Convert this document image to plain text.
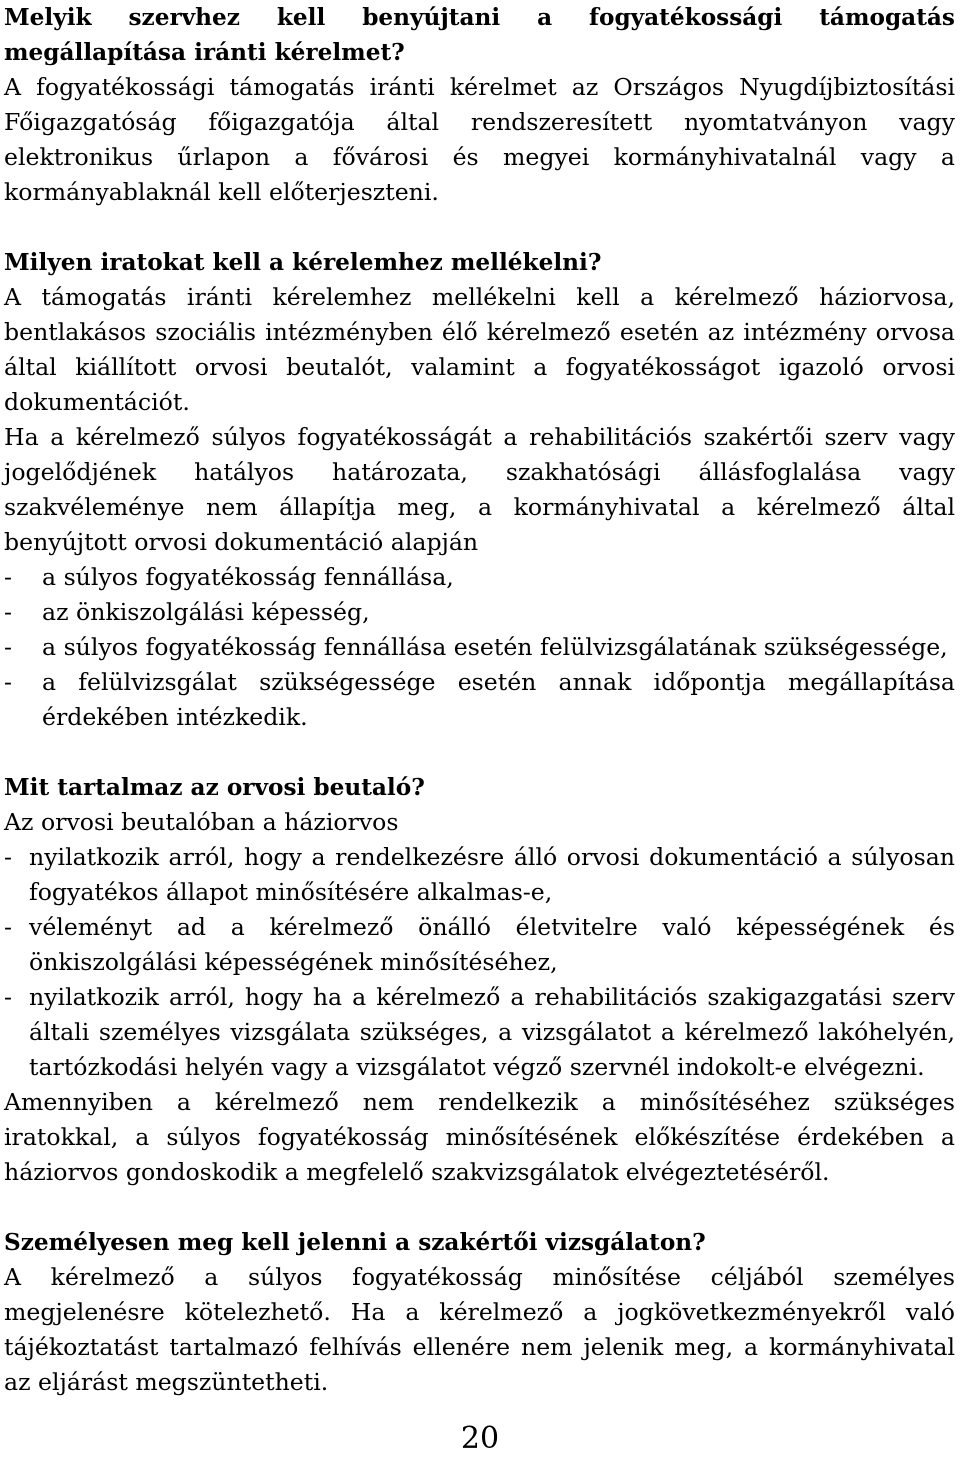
Melyik szervhez kell benyújtani a fogyatékossági támogatás megállapítása iránti kérelmet?

A fogyatékossági támogatás iránti kérelmet az Országos Nyugdíjbiztosítási Főigazgatóság főigazgatója által rendszeresített nyomtatványon vagy elektronikus űrlapon a fővárosi és megyei kormányhivatalnál vagy a kormányablaknál kell előterjeszteni.

Milyen iratokat kell a kérelemhez mellékelni?

A támogatás iránti kérelemhez mellékelni kell a kérelmező háziorvosa, bentlakásos szociális intézményben élő kérelmező esetén az intézmény orvosa által kiállított orvosi beutalót, valamint a fogyatékosságot igazoló orvosi dokumentációt.

Ha a kérelmező súlyos fogyatékosságát a rehabilitációs szakértői szerv vagy jogelődjének hatályos határozata, szakhatósági állásfoglalása vagy szakvéleménye nem állapítja meg, a kormányhivatal a kérelmező által benyújtott orvosi dokumentáció alapján

- a súlyos fogyatékosság fennállása,
- az önkiszolgálási képesség,
- a súlyos fogyatékosság fennállása esetén felülvizsgálatának szükségessége,
- a felülvizsgálat szükségessége esetén annak időpontja megállapítása érdekében intézkedik.
Mit tartalmaz az orvosi beutaló?

Az orvosi beutalóban a háziorvos

- nyilatkozik arról, hogy a rendelkezésre álló orvosi dokumentáció a súlyosan fogyatékos állapot minősítésére alkalmas-e,
- véleményt ad a kérelmező önálló életvitelre való képességének és önkiszolgálási képességének minősítéséhez,
- nyilatkozik arról, hogy ha a kérelmező a rehabilitációs szakigazgatási szerv általi személyes vizsgálata szükséges, a vizsgálatot a kérelmező lakóhelyén, tartózkodási helyén vagy a vizsgálatot végző szervnél indokolt-e elvégezni.

Amennyiben a kérelmező nem rendelkezik a minősítéséhez szükséges iratokkal, a súlyos fogyatékosság minősítésének előkészítése érdekében a háziorvos gondoskodik a megfelelő szakvizsgálatok elvégeztetéséről.

Személyesen meg kell jelenni a szakértői vizsgálaton?

A kérelmező a súlyos fogyatékosság minősítése céljából személyes megjelenésre kötelezhető. Ha a kérelmező a jogkövetkezményekről való tájékoztatást tartalmazó felhívás ellenére nem jelenik meg, a kormányhivatal az eljárást megszüntetheti.

20
